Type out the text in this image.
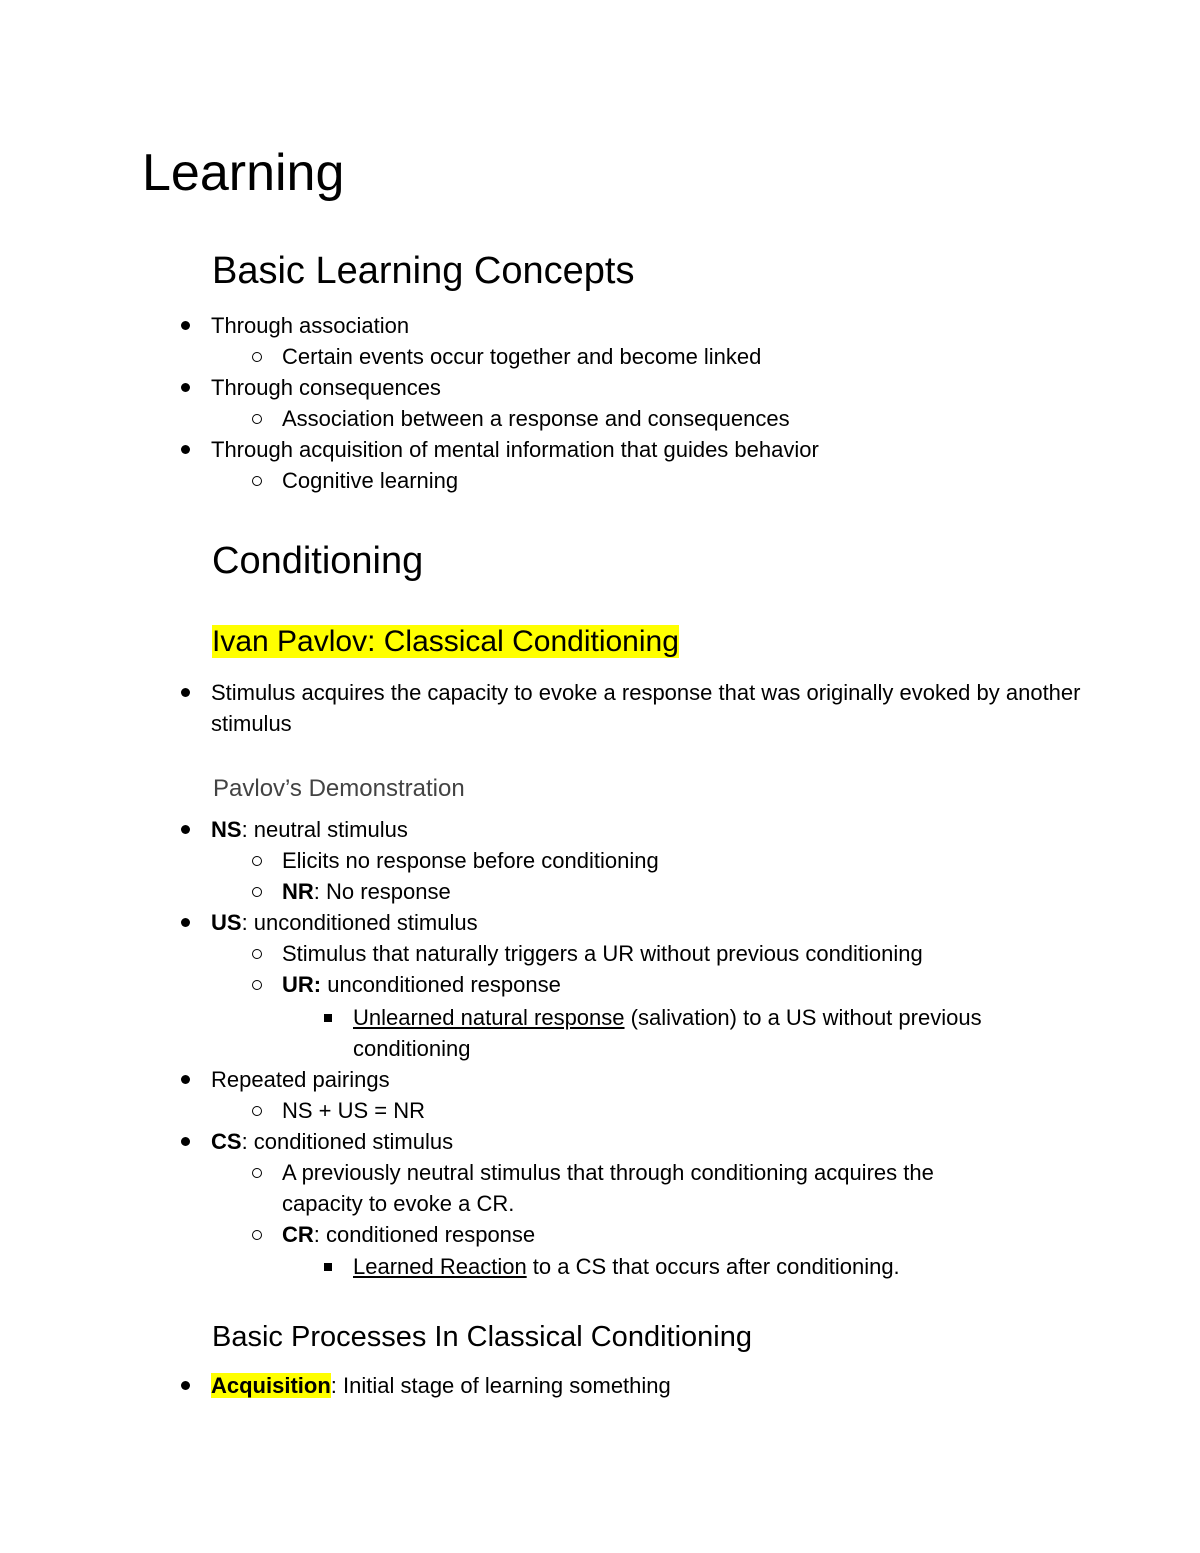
Learning
Basic Learning Concepts
Through association
Certain events occur together and become linked
Through consequences
Association between a response and consequences
Through acquisition of mental information that guides behavior
Cognitive learning
Conditioning
Ivan Pavlov: Classical Conditioning
Stimulus acquires the capacity to evoke a response that was originally evoked by another stimulus
Pavlov’s Demonstration
NS: neutral stimulus
Elicits no response before conditioning
NR: No response
US: unconditioned stimulus
Stimulus that naturally triggers a UR without previous conditioning
UR: unconditioned response
Unlearned natural response (salivation) to a US without previous conditioning
Repeated pairings
NS + US = NR
CS: conditioned stimulus
A previously neutral stimulus that through conditioning acquires the capacity to evoke a CR.
CR: conditioned response
Learned Reaction to a CS that occurs after conditioning.
Basic Processes In Classical Conditioning
Acquisition: Initial stage of learning something
